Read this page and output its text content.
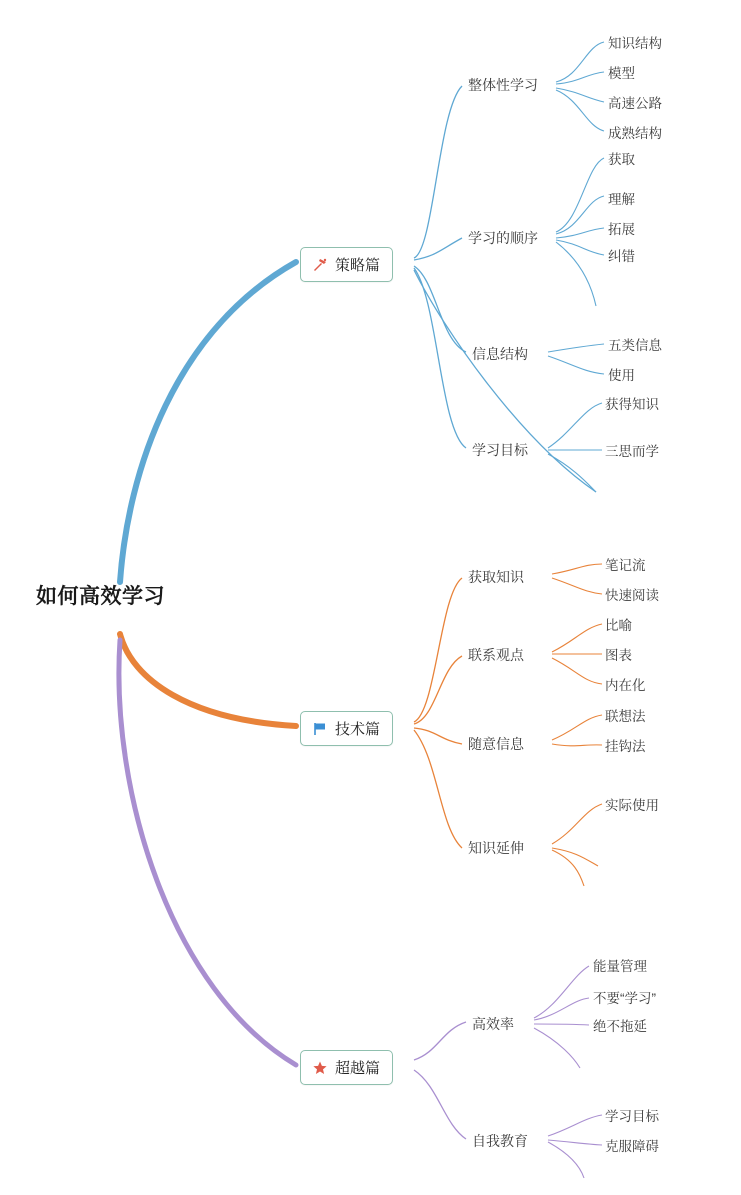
如何高效学习
策略篇
技术篇
超越篇
整体性学习
学习的顺序
信息结构
学习目标
知识结构
模型
高速公路
成熟结构
获取
理解
拓展
纠错
五类信息
使用
获得知识
三思而学
获取知识
联系观点
随意信息
知识延伸
笔记流
快速阅读
比喻
图表
内在化
联想法
挂钩法
实际使用
高效率
自我教育
能量管理
不要“学习”
绝不拖延
学习目标
克服障碍
